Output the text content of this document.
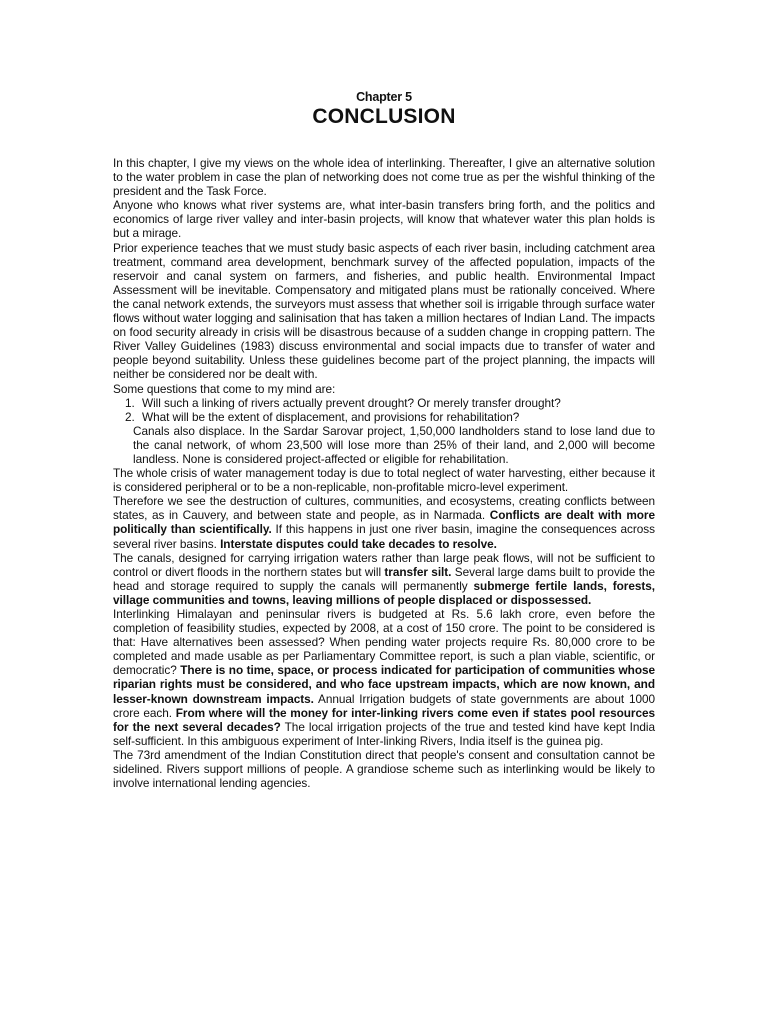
Chapter 5
CONCLUSION

In this chapter, I give my views on the whole idea of interlinking. Thereafter, I give an alternative solution to the water problem in case the plan of networking does not come true as per the wishful thinking of the president and the Task Force.

Anyone who knows what river systems are, what inter-basin transfers bring forth, and the politics and economics of large river valley and inter-basin projects, will know that whatever water this plan holds is but a mirage.

Prior experience teaches that we must study basic aspects of each river basin, including catchment area treatment, command area development, benchmark survey of the affected population, impacts of the reservoir and canal system on farmers, and fisheries, and public health. Environmental Impact Assessment will be inevitable. Compensatory and mitigated plans must be rationally conceived. Where the canal network extends, the surveyors must assess that whether soil is irrigable through surface water flows without water logging and salinisation that has taken a million hectares of Indian Land. The impacts on food security already in crisis will be disastrous because of a sudden change in cropping pattern. The River Valley Guidelines (1983) discuss environmental and social impacts due to transfer of water and people beyond suitability. Unless these guidelines become part of the project planning, the impacts will neither be considered nor be dealt with.

Some questions that come to my mind are:

1. Will such a linking of rivers actually prevent drought? Or merely transfer drought?
2. What will be the extent of displacement, and provisions for rehabilitation?

Canals also displace. In the Sardar Sarovar project, 1,50,000 landholders stand to lose land due to the canal network, of whom 23,500 will lose more than 25% of their land, and 2,000 will become landless. None is considered project-affected or eligible for rehabilitation.

The whole crisis of water management today is due to total neglect of water harvesting, either because it is considered peripheral or to be a non-replicable, non-profitable micro-level experiment.

Therefore we see the destruction of cultures, communities, and ecosystems, creating conflicts between states, as in Cauvery, and between state and people, as in Narmada. Conflicts are dealt with more politically than scientifically. If this happens in just one river basin, imagine the consequences across several river basins. Interstate disputes could take decades to resolve.

The canals, designed for carrying irrigation waters rather than large peak flows, will not be sufficient to control or divert floods in the northern states but will transfer silt. Several large dams built to provide the head and storage required to supply the canals will permanently submerge fertile lands, forests, village communities and towns, leaving millions of people displaced or dispossessed.

Interlinking Himalayan and peninsular rivers is budgeted at Rs. 5.6 lakh crore, even before the completion of feasibility studies, expected by 2008, at a cost of 150 crore. The point to be considered is that: Have alternatives been assessed? When pending water projects require Rs. 80,000 crore to be completed and made usable as per Parliamentary Committee report, is such a plan viable, scientific, or democratic? There is no time, space, or process indicated for participation of communities whose riparian rights must be considered, and who face upstream impacts, which are now known, and lesser-known downstream impacts. Annual Irrigation budgets of state governments are about 1000 crore each. From where will the money for inter-linking rivers come even if states pool resources for the next several decades? The local irrigation projects of the true and tested kind have kept India self-sufficient. In this ambiguous experiment of Inter-linking Rivers, India itself is the guinea pig.

The 73rd amendment of the Indian Constitution direct that people's consent and consultation cannot be sidelined. Rivers support millions of people. A grandiose scheme such as interlinking would be likely to involve international lending agencies.
